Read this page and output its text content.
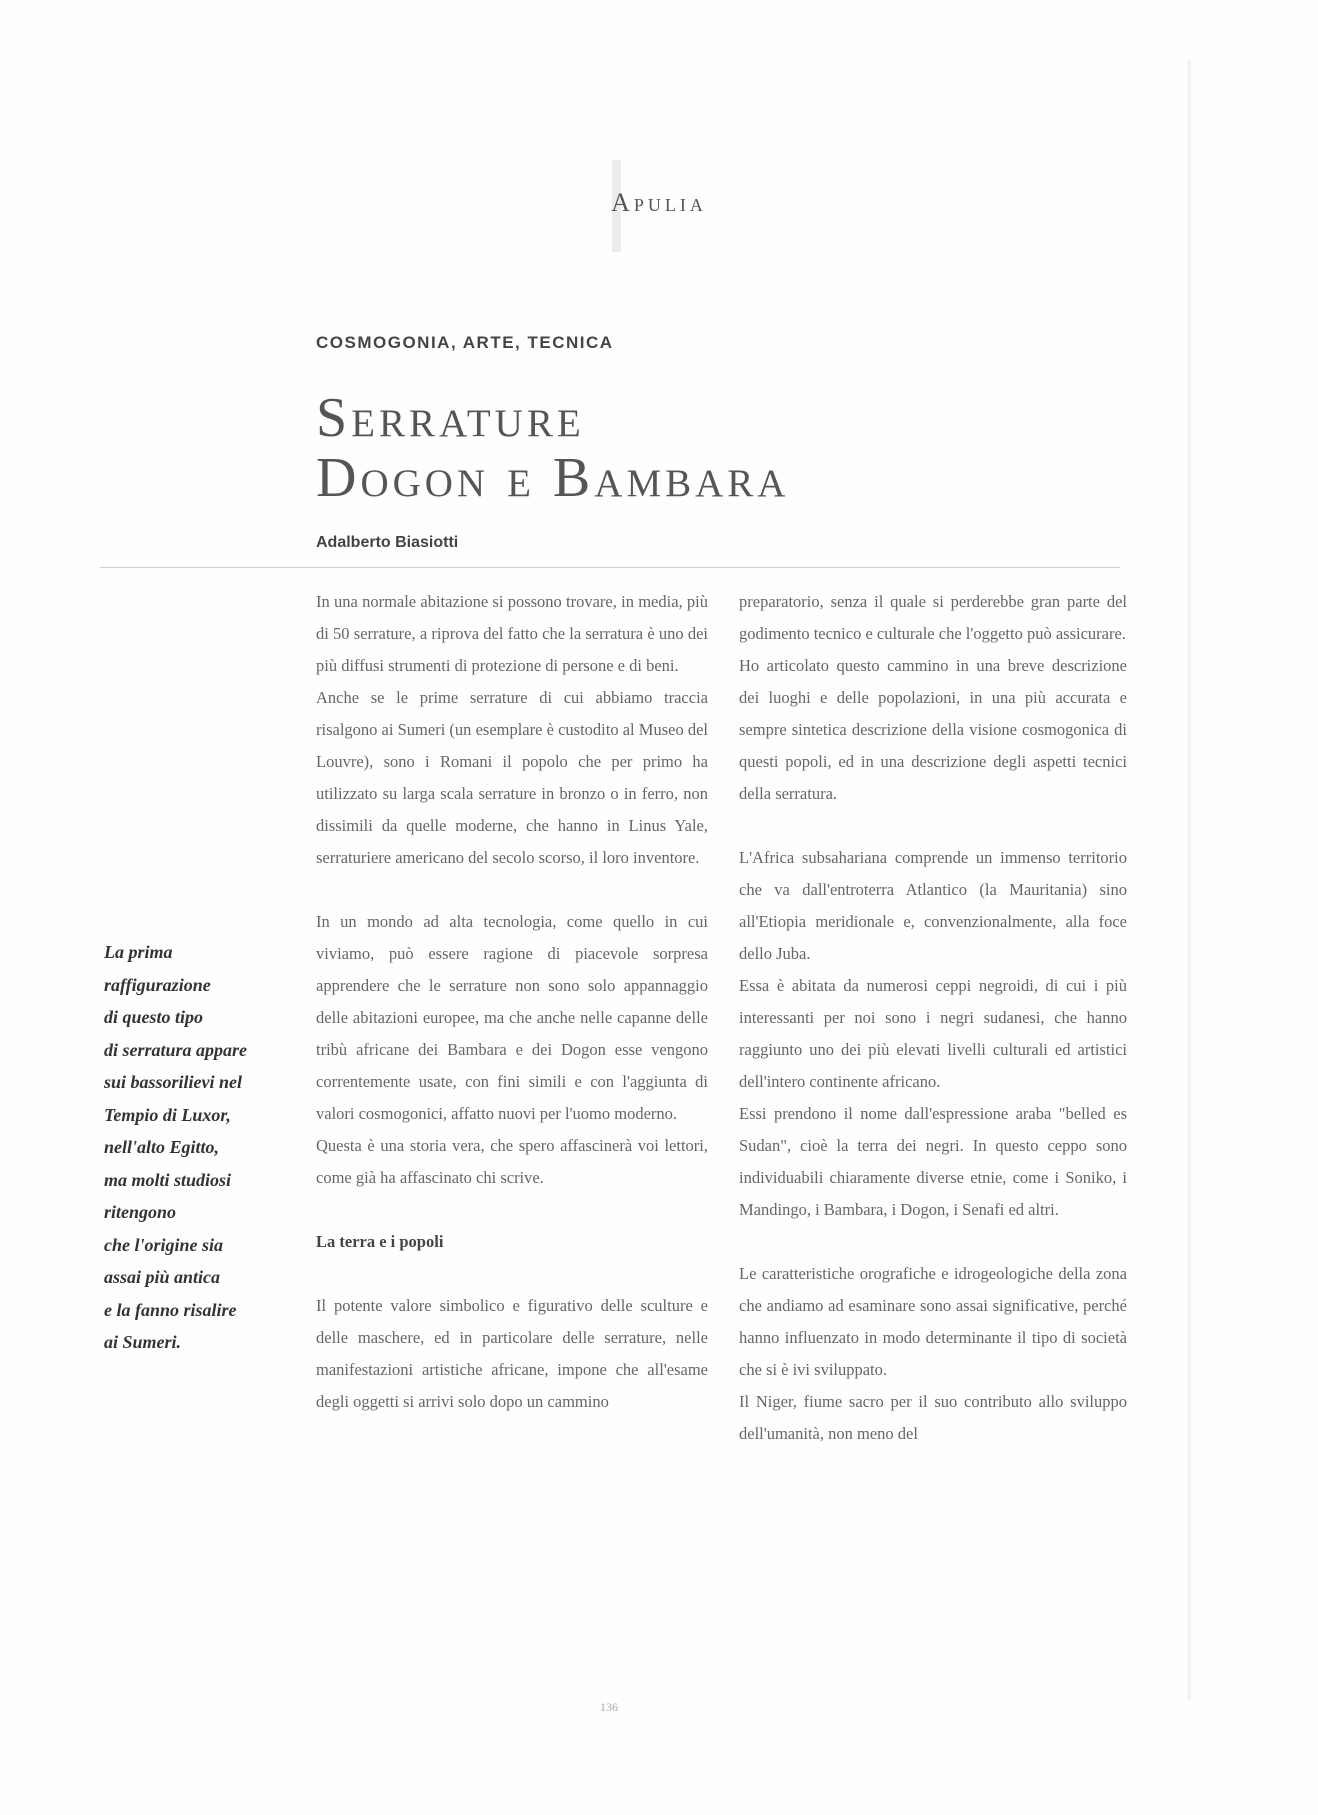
Apulia
COSMOGONIA, ARTE, TECNICA
Serrature
Dogon e Bambara
Adalberto Biasiotti
La prima
raffigurazione
di questo tipo
di serratura appare
sui bassorilievi nel
Tempio di Luxor,
nell'alto Egitto,
ma molti studiosi
ritengono
che l'origine sia
assai più antica
e la fanno risalire
ai Sumeri.

In una normale abitazione si possono trovare, in media, più di 50 serrature, a riprova del fatto che la serratura è uno dei più diffusi strumenti di protezione di persone e di beni.

Anche se le prime serrature di cui abbiamo traccia risalgono ai Sumeri (un esemplare è custodito al Museo del Louvre), sono i Romani il popolo che per primo ha utilizzato su larga scala serrature in bronzo o in ferro, non dissimili da quelle moderne, che hanno in Linus Yale, serraturiere americano del secolo scorso, il loro inventore.

In un mondo ad alta tecnologia, come quello in cui viviamo, può essere ragione di piacevole sorpresa apprendere che le serrature non sono solo appannaggio delle abitazioni europee, ma che anche nelle capanne delle tribù africane dei Bambara e dei Dogon esse vengono correntemente usate, con fini simili e con l'aggiunta di valori cosmogonici, affatto nuovi per l'uomo moderno.

Questa è una storia vera, che spero affascinerà voi lettori, come già ha affascinato chi scrive.

La terra e i popoli

Il potente valore simbolico e figurativo delle sculture e delle maschere, ed in particolare delle serrature, nelle manifestazioni artistiche africane, impone che all'esame degli oggetti si arrivi solo dopo un cammino

preparatorio, senza il quale si perderebbe gran parte del godimento tecnico e culturale che l'oggetto può assicurare.

Ho articolato questo cammino in una breve descrizione dei luoghi e delle popolazioni, in una più accurata e sempre sintetica descrizione della visione cosmogonica di questi popoli, ed in una descrizione degli aspetti tecnici della serratura.

L'Africa subsahariana comprende un immenso territorio che va dall'entroterra Atlantico (la Mauritania) sino all'Etiopia meridionale e, convenzionalmente, alla foce dello Juba.

Essa è abitata da numerosi ceppi negroidi, di cui i più interessanti per noi sono i negri sudanesi, che hanno raggiunto uno dei più elevati livelli culturali ed artistici dell'intero continente africano.

Essi prendono il nome dall'espressione araba "belled es Sudan", cioè la terra dei negri. In questo ceppo sono individuabili chiaramente diverse etnie, come i Soniko, i Mandingo, i Bambara, i Dogon, i Senafi ed altri.

Le caratteristiche orografiche e idrogeologiche della zona che andiamo ad esaminare sono assai significative, perché hanno influenzato in modo determinante il tipo di società che si è ivi sviluppato.

Il Niger, fiume sacro per il suo contributo allo sviluppo dell'umanità, non meno del

136
